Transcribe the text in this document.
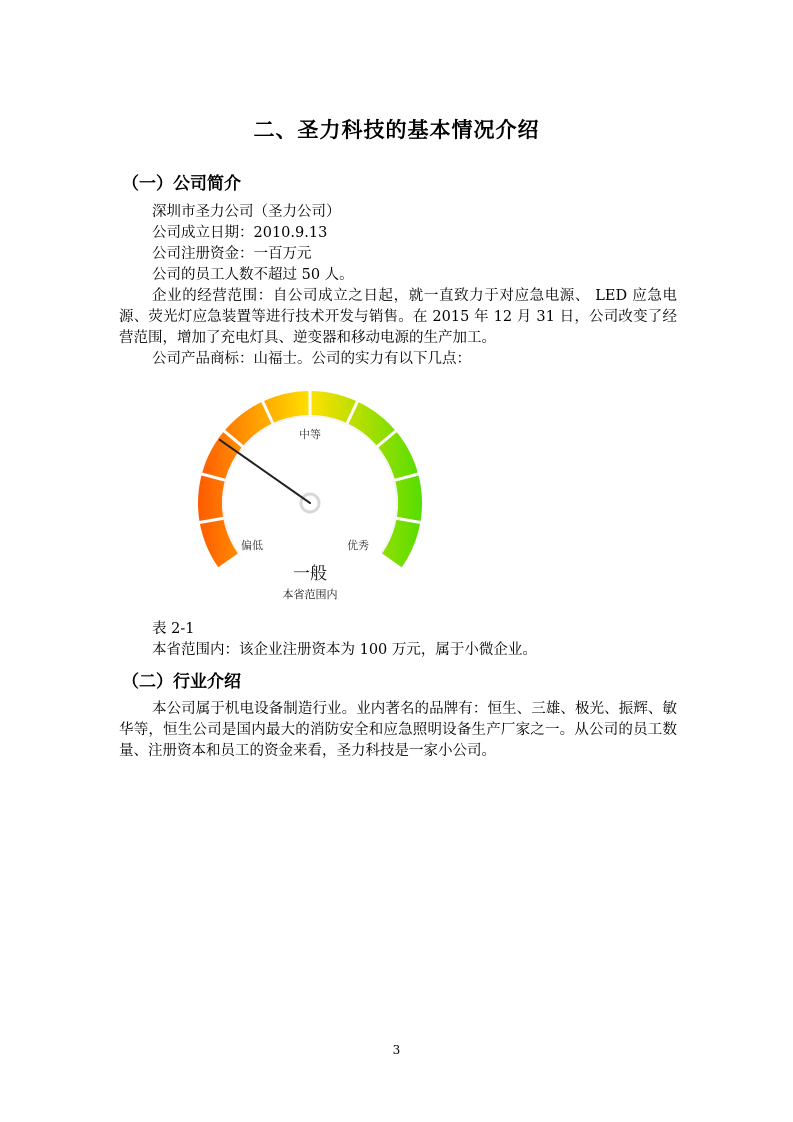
二、圣力科技的基本情况介绍
（一）公司简介
深圳市圣力公司（圣力公司）
公司成立日期：2010.9.13
公司注册资金：一百万元
公司的员工人数不超过 50 人。
企业的经营范围：自公司成立之日起，就一直致力于对应急电源、 LED 应急电源、荧光灯应急装置等进行技术开发与销售。在 2015 年 12 月 31 日，公司改变了经营范围，增加了充电灯具、逆变器和移动电源的生产加工。
公司产品商标：山福士。公司的实力有以下几点：
中等
偏低	优秀
一般
本省范围内
表 2-1
本省范围内：该企业注册资本为 100 万元，属于小微企业。
（二）行业介绍
本公司属于机电设备制造行业。业内著名的品牌有：恒生、三雄、极光、振辉、敏华等，恒生公司是国内最大的消防安全和应急照明设备生产厂家之一。从公司的员工数量、注册资本和员工的资金来看，圣力科技是一家小公司。
3
